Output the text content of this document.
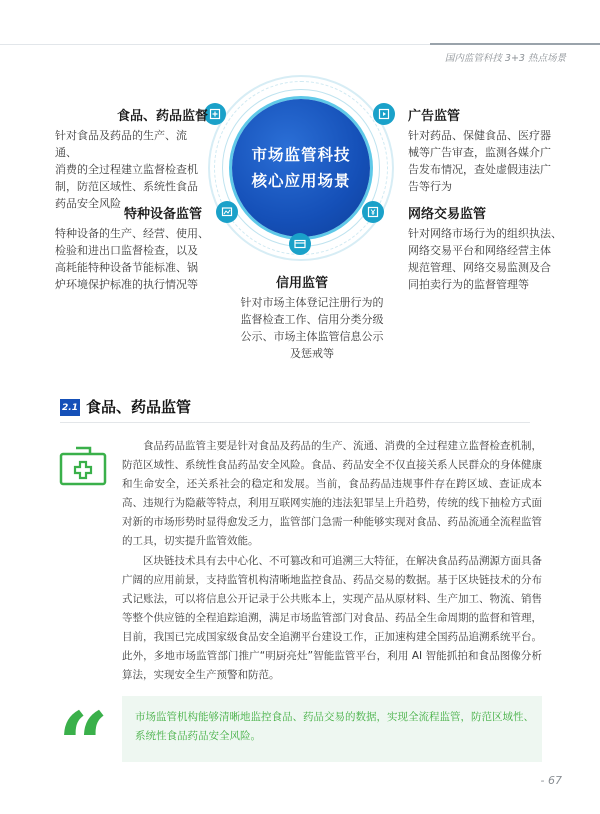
国内监管科技 3+3 热点场景
市场监管科技
核心应用场景
食品、药品监督
针对食品及药品的生产、流通、
消费的全过程建立监督检查机
制，防范区域性、系统性食品
药品安全风险
特种设备监管
特种设备的生产、经营、使用、
检验和进出口监督检查，以及
高耗能特种设备节能标准、锅
炉环境保护标准的执行情况等	信用监管
针对市场主体登记注册行为的
监督检查工作、信用分类分级
公示、市场主体监管信息公示
及惩戒等
广告监管
针对药品、保健食品、医疗器
械等广告审查，监测各媒介广
告发布情况，查处虚假违法广
告等行为
网络交易监管
针对网络市场行为的组织执法、
网络交易平台和网络经营主体
规范管理、网络交易监测及合
同拍卖行为的监督管理等
2.1 食品、药品监管
食品药品监管主要是针对食品及药品的生产、流通、消费的全过程建立监督检查机制，防范区域性、系统性食品药品安全风险。食品、药品安全不仅直接关系人民群众的身体健康和生命安全，还关系社会的稳定和发展。当前，食品药品违规事件存在跨区域、查证成本高、违规行为隐蔽等特点，利用互联网实施的违法犯罪呈上升趋势，传统的线下抽检方式面对新的市场形势时显得愈发乏力，监管部门急需一种能够实现对食品、药品流通全流程监管的工具，切实提升监管效能。
区块链技术具有去中心化、不可篡改和可追溯三大特征，在解决食品药品溯源方面具备广阔的应用前景，支持监管机构清晰地监控食品、药品交易的数据。基于区块链技术的分布式记账法，可以将信息公开记录于公共账本上，实现产品从原材料、生产加工、物流、销售等整个供应链的全程追踪追溯，满足市场监管部门对食品、药品全生命周期的监督和管理，目前，我国已完成国家级食品安全追溯平台建设工作，正加速构建全国药品追溯系统平台。此外，多地市场监管部门推广“明厨亮灶”智能监管平台，利用 AI 智能抓拍和食品图像分析算法，实现安全生产预警和防范。
“	市场监管机构能够清晰地监控食品、药品交易的数据，实现全流程监管，防范区域性、系统性食品药品安全风险。
- 67
